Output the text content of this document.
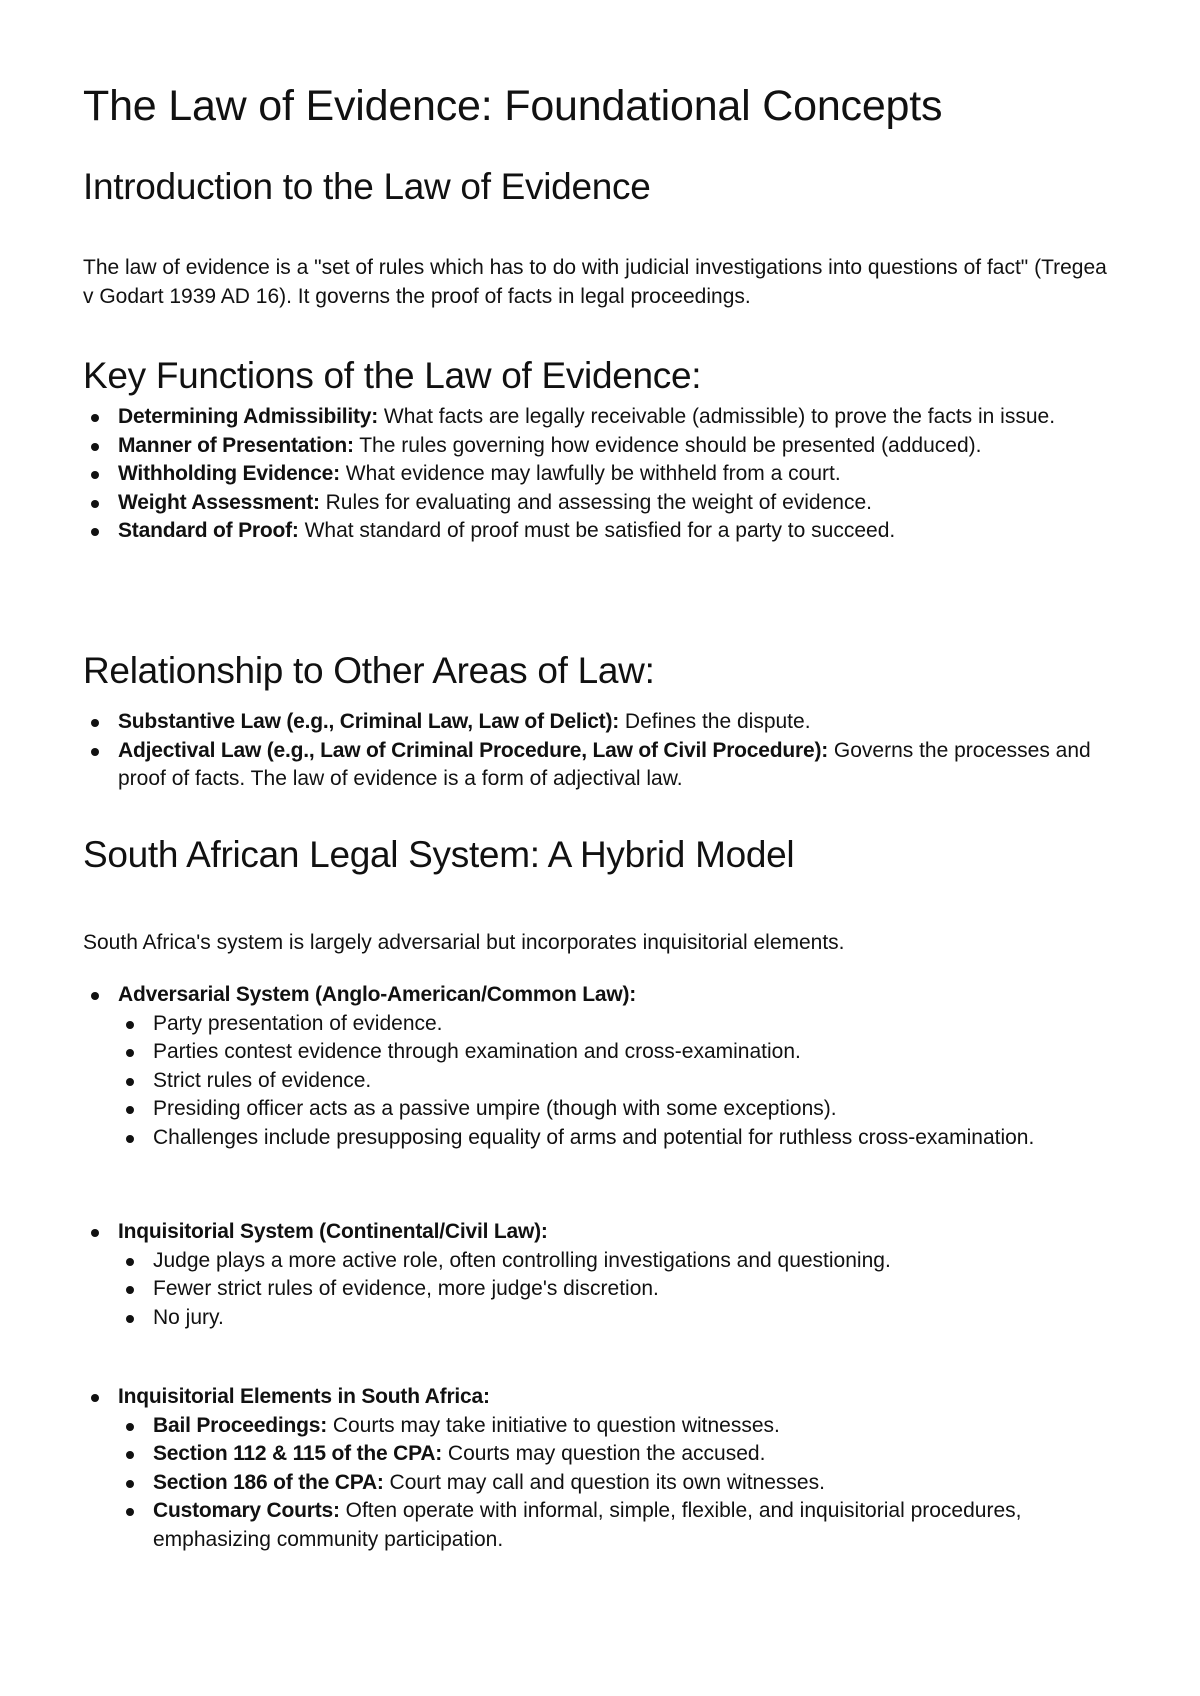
The Law of Evidence: Foundational Concepts
Introduction to the Law of Evidence

The law of evidence is a "set of rules which has to do with judicial investigations into questions of fact" (Tregea v Godart 1939 AD 16). It governs the proof of facts in legal proceedings.

Key Functions of the Law of Evidence:
Determining Admissibility: What facts are legally receivable (admissible) to prove the facts in issue.
Manner of Presentation: The rules governing how evidence should be presented (adduced).
Withholding Evidence: What evidence may lawfully be withheld from a court.
Weight Assessment: Rules for evaluating and assessing the weight of evidence.
Standard of Proof: What standard of proof must be satisfied for a party to succeed.
Relationship to Other Areas of Law:
Substantive Law (e.g., Criminal Law, Law of Delict): Defines the dispute.
Adjectival Law (e.g., Law of Criminal Procedure, Law of Civil Procedure): Governs the processes and proof of facts. The law of evidence is a form of adjectival law.
South African Legal System: A Hybrid Model

South Africa's system is largely adversarial but incorporates inquisitorial elements.

Adversarial System (Anglo-American/Common Law):
Party presentation of evidence.
Parties contest evidence through examination and cross-examination.
Strict rules of evidence.
Presiding officer acts as a passive umpire (though with some exceptions).
Challenges include presupposing equality of arms and potential for ruthless cross-examination.
Inquisitorial System (Continental/Civil Law):
Judge plays a more active role, often controlling investigations and questioning.
Fewer strict rules of evidence, more judge's discretion.
No jury.
Inquisitorial Elements in South Africa:
Bail Proceedings: Courts may take initiative to question witnesses.
Section 112 & 115 of the CPA: Courts may question the accused.
Section 186 of the CPA: Court may call and question its own witnesses.
Customary Courts: Often operate with informal, simple, flexible, and inquisitorial procedures, emphasizing community participation.
